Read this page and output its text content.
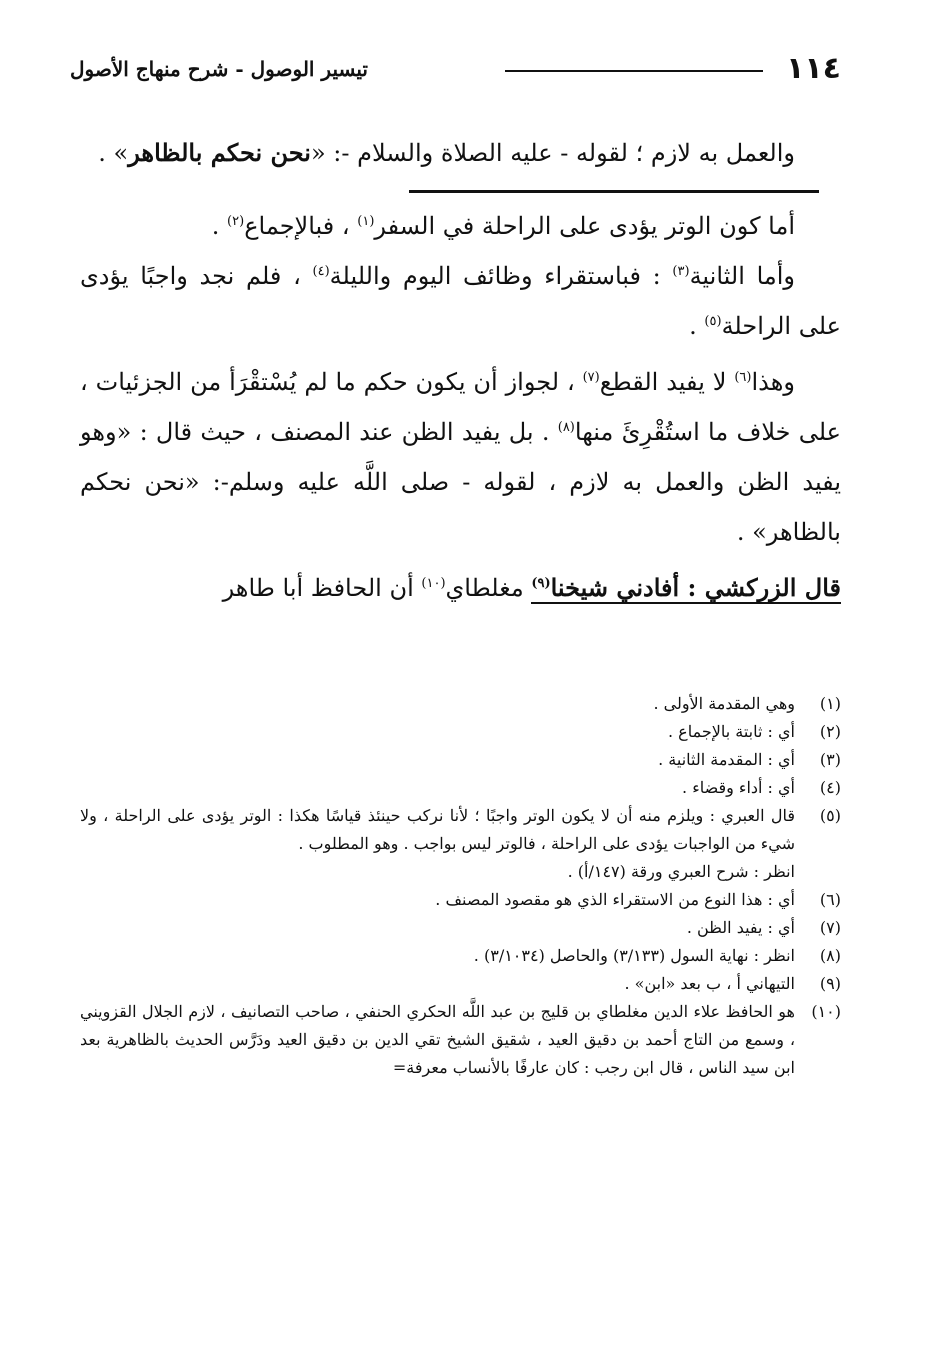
١١٤
تيسير الوصول - شرح منهاج الأصول

والعمل به لازم ؛ لقوله - عليه الصلاة والسلام -: «نحن نحكم بالظاهر» .

أما كون الوتر يؤدى على الراحلة في السفر$^{(١)}$ ، فبالإجماع$^{(٢)}$ .

وأما الثانية$^{(٣)}$ : فباستقراء وظائف اليوم والليلة$^{(٤)}$ ، فلم نجد واجبًا يؤدى على الراحلة$^{(٥)}$ .

وهذا$^{(٦)}$ لا يفيد القطع$^{(٧)}$ ، لجواز أن يكون حكم ما لم يُسْتقْرَأ من الجزئيات ، على خلاف ما استُقْرِئَ منها$^{(٨)}$ . بل يفيد الظن عند المصنف ، حيث قال : «وهو يفيد الظن والعمل به لازم ، لقوله - صلى اللَّه عليه وسلم-: «نحن نحكم بالظاهر» .

قال الزركشي : أفادني شيخنا$^{(٩)}$ مغلطاي$^{(١٠)}$ أن الحافظ أبا طاهر

(١)
وهي المقدمة الأولى .
(٢)
أي : ثابتة بالإجماع .
(٣)
أي : المقدمة الثانية .
(٤)
أي : أداء وقضاء .
(٥)
قال العبري : ويلزم منه أن لا يكون الوتر واجبًا ؛ لأنا نركب حينئذ قياسًا هكذا : الوتر يؤدى على الراحلة ، ولا شيء من الواجبات يؤدى على الراحلة ، فالوتر ليس بواجب . وهو المطلوب .
انظر : شرح العبري ورقة (١٤٧/أ) .
(٦)
أي : هذا النوع من الاستقراء الذي هو مقصود المصنف .
(٧)
أي : يفيد الظن .
(٨)
انظر : نهاية السول (٣/١٣٣) والحاصل (٣/١٠٣٤) .
(٩)
التيهاني أ ، ب بعد «ابن» .
(١٠)
هو الحافظ علاء الدين مغلطاي بن قليج بن عبد اللَّه الحكري الحنفي ، صاحب التصانيف ، لازم الجلال القزويني ، وسمع من التاج أحمد بن دقيق العيد ، شقيق الشيخ تقي الدين بن دقيق العيد ودَرَّس الحديث بالظاهرية بعد ابن سيد الناس ، قال ابن رجب : كان عارفًا بالأنساب معرفة=
